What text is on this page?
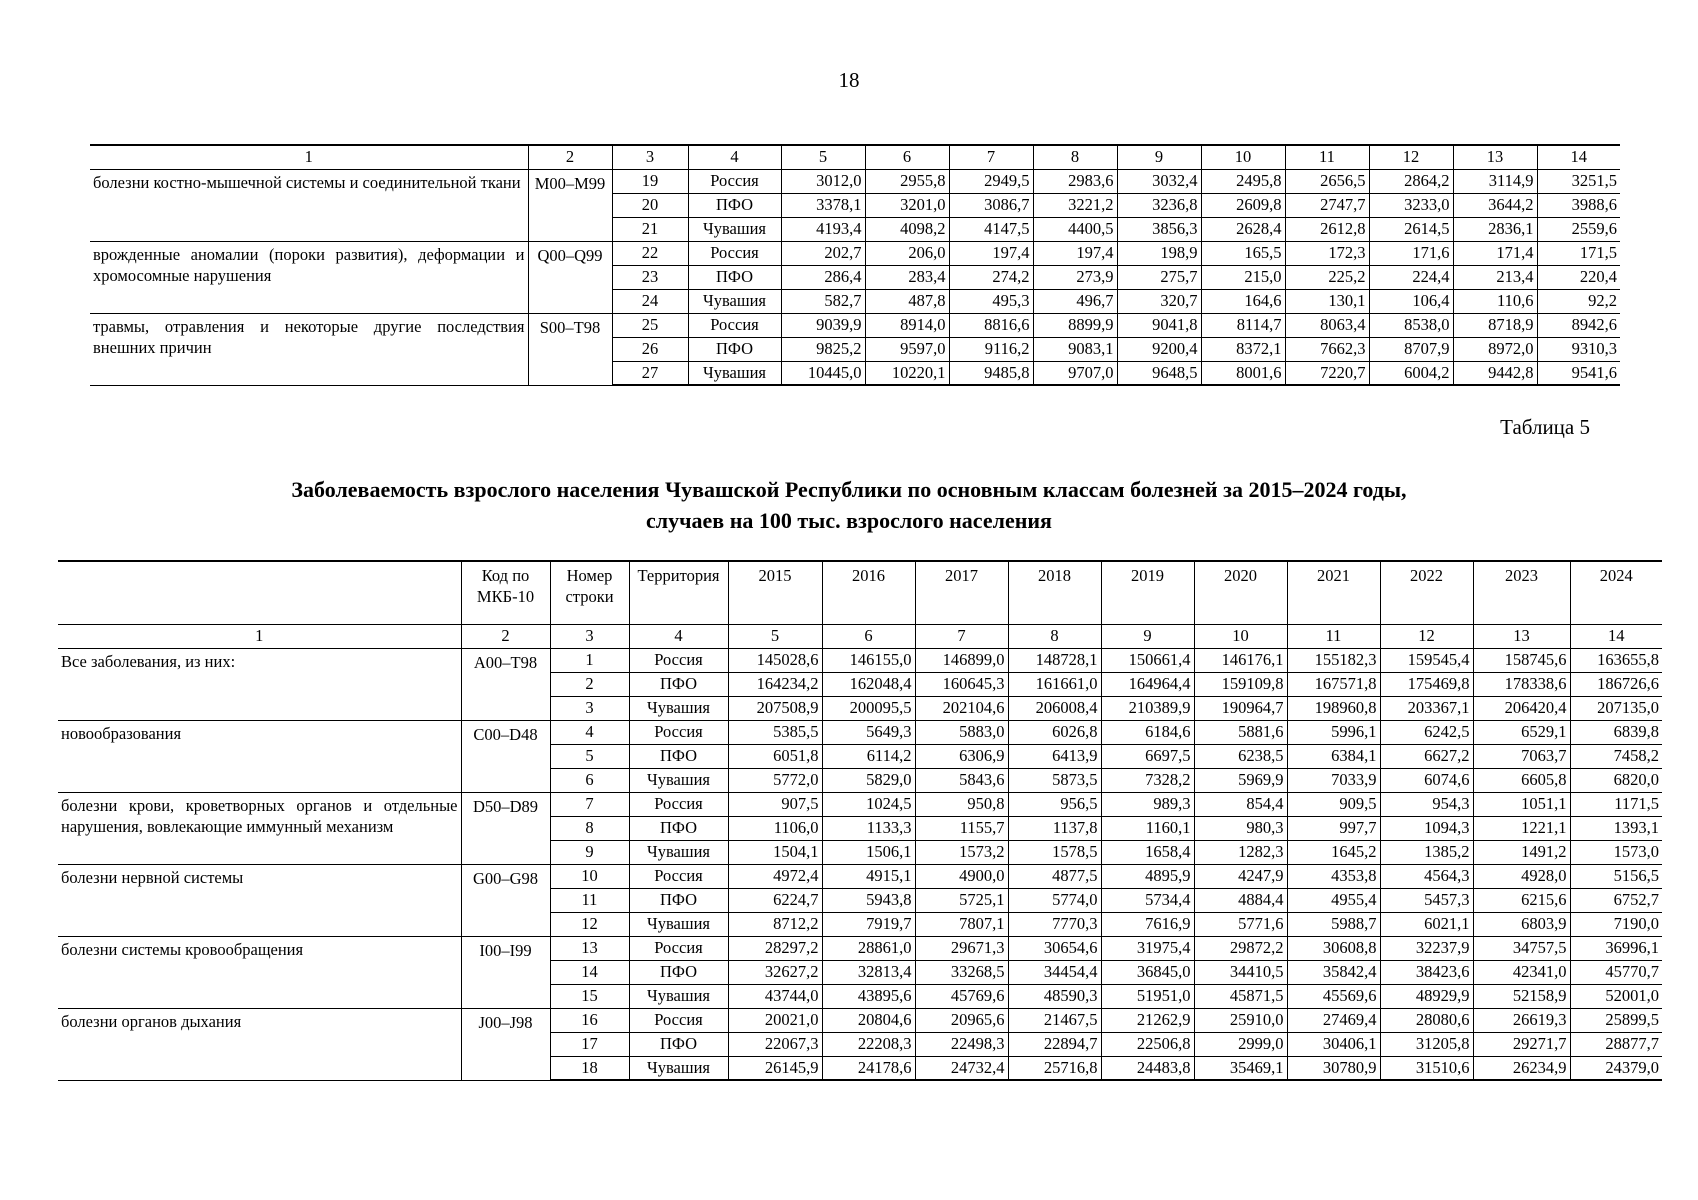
18
1	2	3	4	5	6	7	8	9	10	11	12	13	14
болезни костно-мышечной системы и соединительной ткани	M00–M99	19	Россия	3012,0	2955,8	2949,5	2983,6	3032,4	2495,8	2656,5	2864,2	3114,9	3251,5
		20	ПФО	3378,1	3201,0	3086,7	3221,2	3236,8	2609,8	2747,7	3233,0	3644,2	3988,6
		21	Чувашия	4193,4	4098,2	4147,5	4400,5	3856,3	2628,4	2612,8	2614,5	2836,1	2559,6
врожденные аномалии (пороки развития), деформации и хромосомные нарушения	Q00–Q99	22	Россия	202,7	206,0	197,4	197,4	198,9	165,5	172,3	171,6	171,4	171,5
		23	ПФО	286,4	283,4	274,2	273,9	275,7	215,0	225,2	224,4	213,4	220,4
		24	Чувашия	582,7	487,8	495,3	496,7	320,7	164,6	130,1	106,4	110,6	92,2
травмы, отравления и некоторые другие последствия внешних причин	S00–T98	25	Россия	9039,9	8914,0	8816,6	8899,9	9041,8	8114,7	8063,4	8538,0	8718,9	8942,6
		26	ПФО	9825,2	9597,0	9116,2	9083,1	9200,4	8372,1	7662,3	8707,9	8972,0	9310,3
		27	Чувашия	10445,0	10220,1	9485,8	9707,0	9648,5	8001,6	7220,7	6004,2	9442,8	9541,6
Таблица 5
Заболеваемость взрослого населения Чувашской Республики по основным классам болезней за 2015–2024 годы,
случаев на 100 тыс. взрослого населения
	Код по МКБ-10	Номер строки	Территория	2015	2016	2017	2018	2019	2020	2021	2022	2023	2024
1	2	3	4	5	6	7	8	9	10	11	12	13	14
Все заболевания, из них:	A00–T98	1	Россия	145028,6	146155,0	146899,0	148728,1	150661,4	146176,1	155182,3	159545,4	158745,6	163655,8
		2	ПФО	164234,2	162048,4	160645,3	161661,0	164964,4	159109,8	167571,8	175469,8	178338,6	186726,6
		3	Чувашия	207508,9	200095,5	202104,6	206008,4	210389,9	190964,7	198960,8	203367,1	206420,4	207135,0
новообразования	C00–D48	4	Россия	5385,5	5649,3	5883,0	6026,8	6184,6	5881,6	5996,1	6242,5	6529,1	6839,8
		5	ПФО	6051,8	6114,2	6306,9	6413,9	6697,5	6238,5	6384,1	6627,2	7063,7	7458,2
		6	Чувашия	5772,0	5829,0	5843,6	5873,5	7328,2	5969,9	7033,9	6074,6	6605,8	6820,0
болезни крови, кроветворных органов и отдельные нарушения, вовлекающие иммунный механизм	D50–D89	7	Россия	907,5	1024,5	950,8	956,5	989,3	854,4	909,5	954,3	1051,1	1171,5
		8	ПФО	1106,0	1133,3	1155,7	1137,8	1160,1	980,3	997,7	1094,3	1221,1	1393,1
		9	Чувашия	1504,1	1506,1	1573,2	1578,5	1658,4	1282,3	1645,2	1385,2	1491,2	1573,0
болезни нервной системы	G00–G98	10	Россия	4972,4	4915,1	4900,0	4877,5	4895,9	4247,9	4353,8	4564,3	4928,0	5156,5
		11	ПФО	6224,7	5943,8	5725,1	5774,0	5734,4	4884,4	4955,4	5457,3	6215,6	6752,7
		12	Чувашия	8712,2	7919,7	7807,1	7770,3	7616,9	5771,6	5988,7	6021,1	6803,9	7190,0
болезни системы кровообращения	I00–I99	13	Россия	28297,2	28861,0	29671,3	30654,6	31975,4	29872,2	30608,8	32237,9	34757,5	36996,1
		14	ПФО	32627,2	32813,4	33268,5	34454,4	36845,0	34410,5	35842,4	38423,6	42341,0	45770,7
		15	Чувашия	43744,0	43895,6	45769,6	48590,3	51951,0	45871,5	45569,6	48929,9	52158,9	52001,0
болезни органов дыхания	J00–J98	16	Россия	20021,0	20804,6	20965,6	21467,5	21262,9	25910,0	27469,4	28080,6	26619,3	25899,5
		17	ПФО	22067,3	22208,3	22498,3	22894,7	22506,8	2999,0	30406,1	31205,8	29271,7	28877,7
		18	Чувашия	26145,9	24178,6	24732,4	25716,8	24483,8	35469,1	30780,9	31510,6	26234,9	24379,0
